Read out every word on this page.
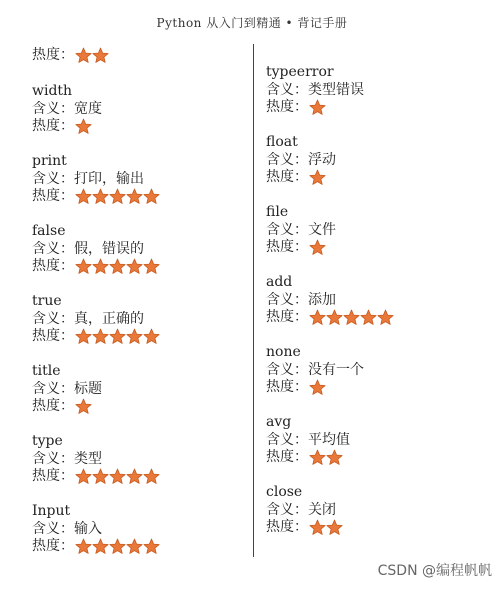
Python 从入门到精通 • 背记手册
热度：
width
含义：宽度
热度：
print
含义：打印，输出
热度：
false
含义：假，错误的
热度：
true
含义：真，正确的
热度：
title
含义：标题
热度：
type
含义：类型
热度：
Input
含义：输入
热度：
typeerror
含义：类型错误
热度：
float
含义：浮动
热度：
file
含义：文件
热度：
add
含义：添加
热度：
none
含义：没有一个
热度：
avg
含义：平均值
热度：
close
含义：关闭
热度：
CSDN @编程帆帆
